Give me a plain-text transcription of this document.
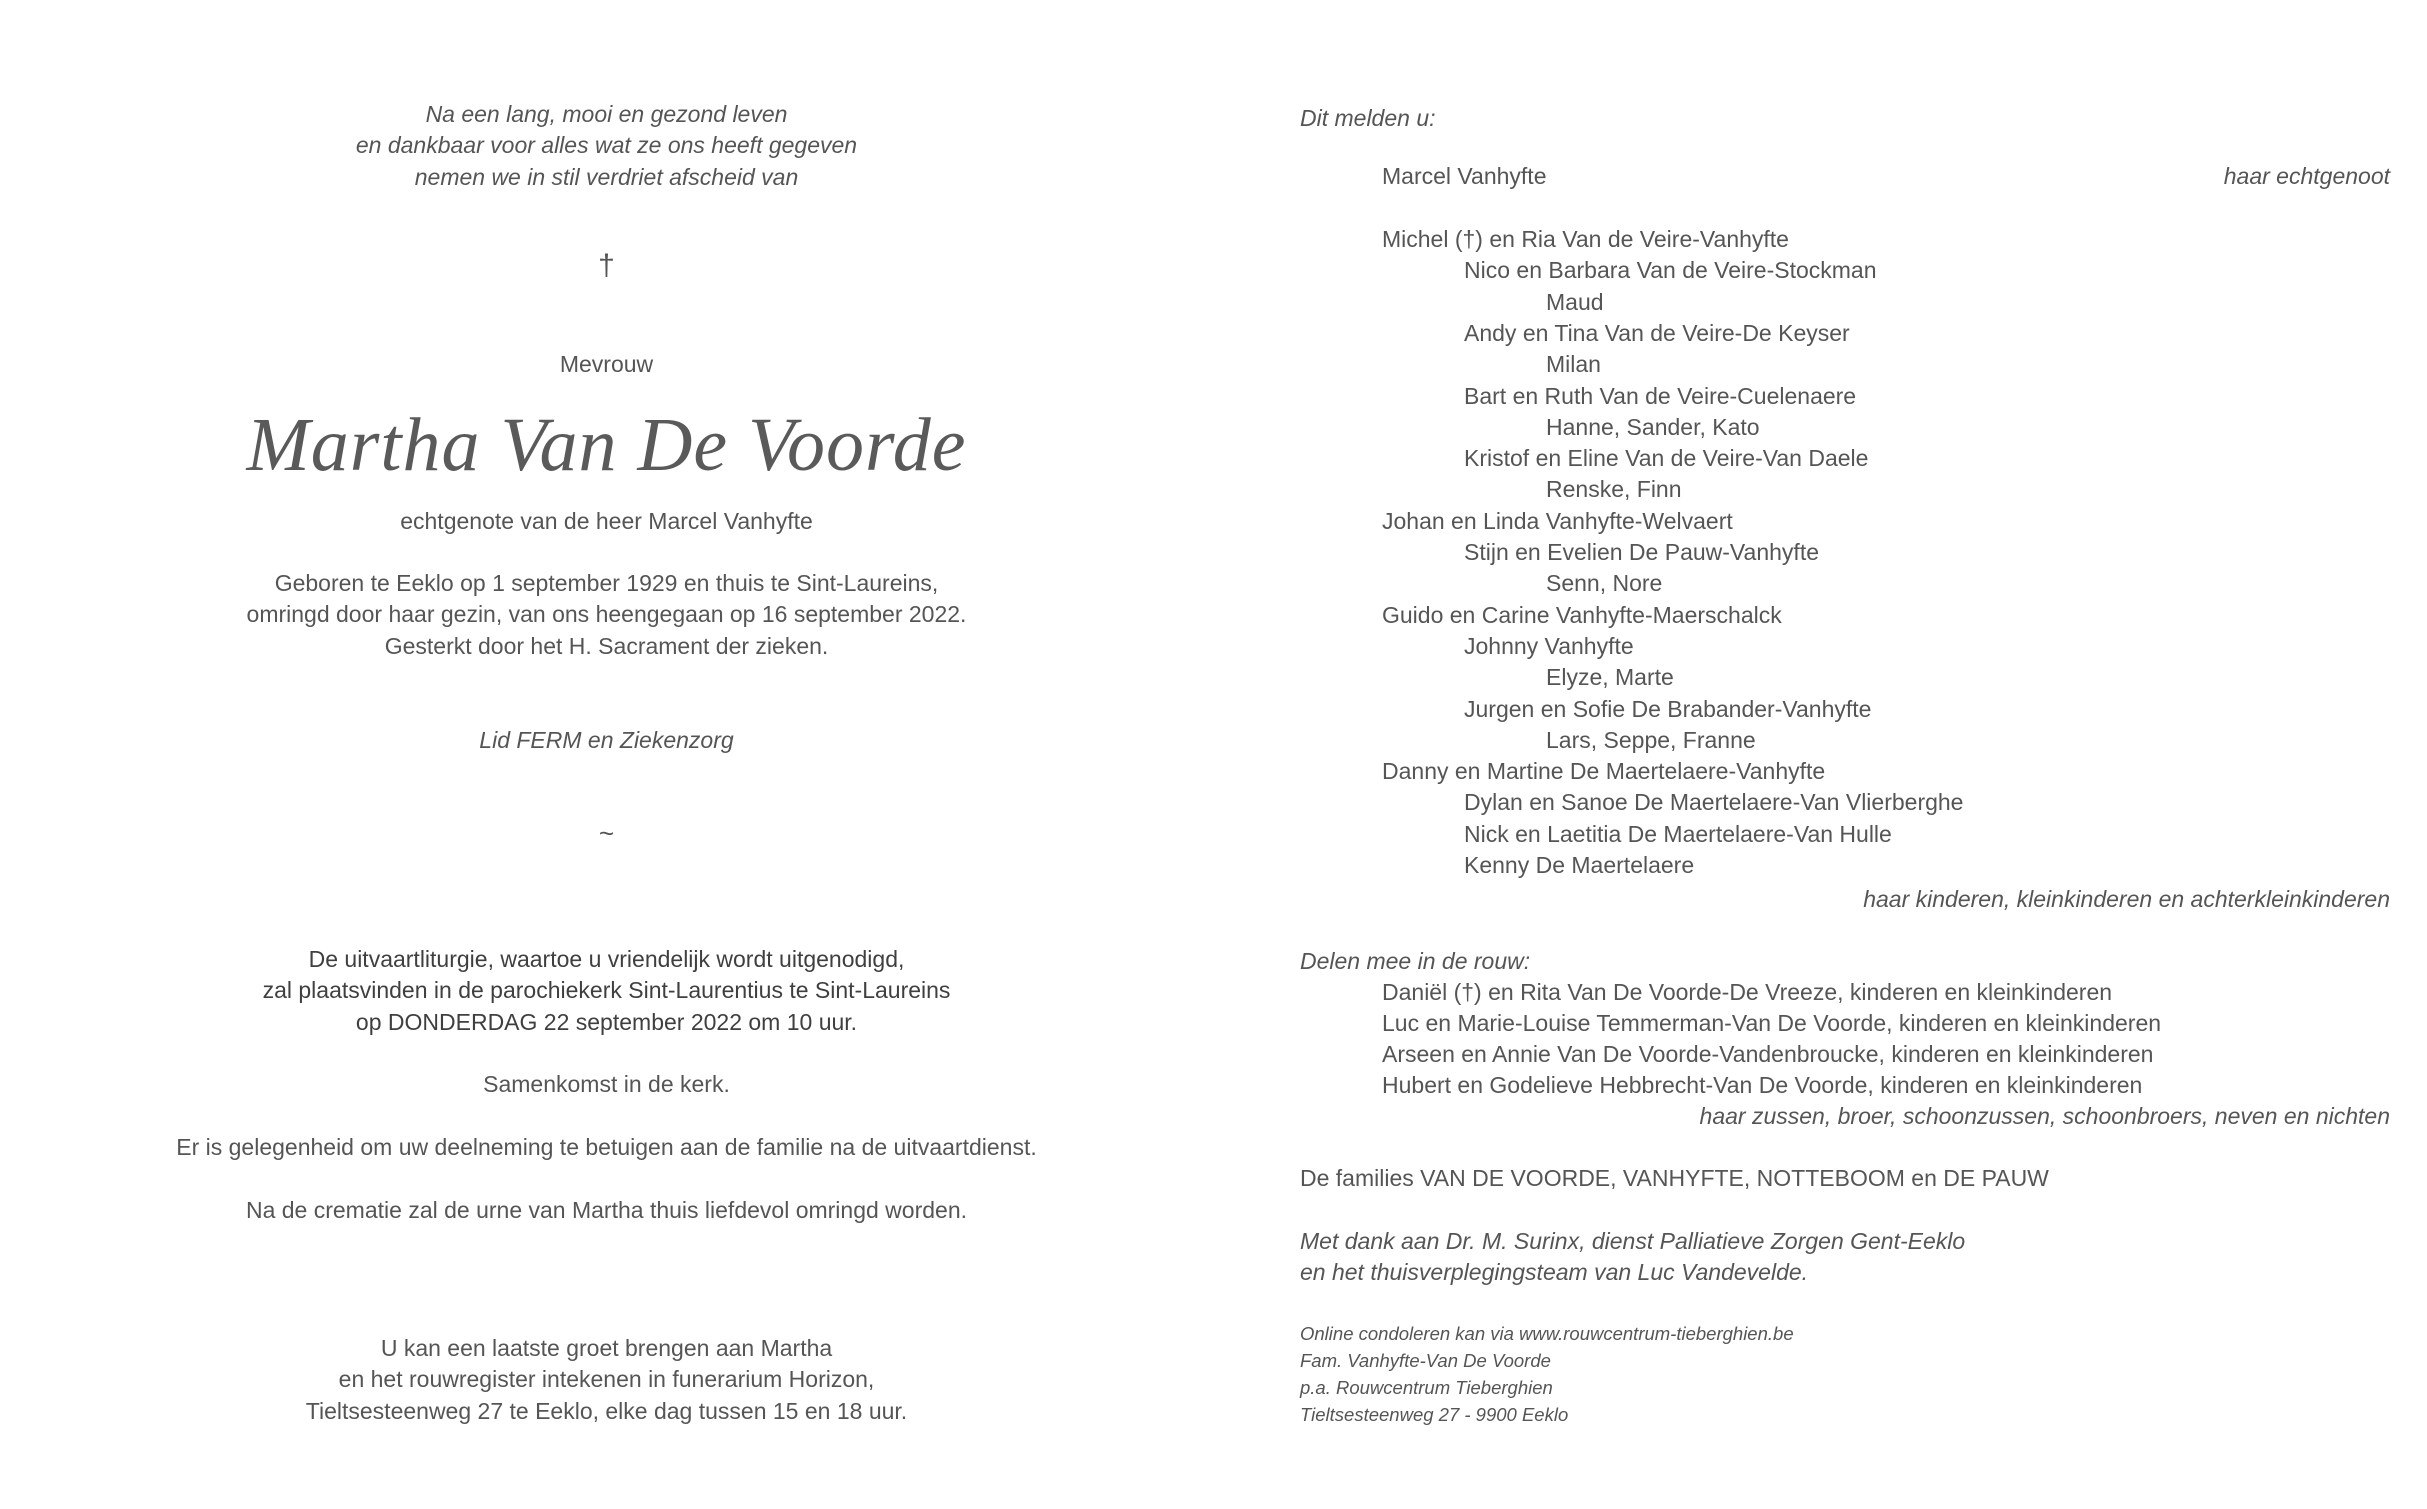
Na een lang, mooi en gezond leven
en dankbaar voor alles wat ze ons heeft gegeven
nemen we in stil verdriet afscheid van
†
Mevrouw
Martha Van De Voorde
echtgenote van de heer Marcel Vanhyfte
Geboren te Eeklo op 1 september 1929 en thuis te Sint-Laureins,
omringd door haar gezin, van ons heengegaan op 16 september 2022.
Gesterkt door het H. Sacrament der zieken.
Lid FERM en Ziekenzorg
~
De uitvaartliturgie, waartoe u vriendelijk wordt uitgenodigd,
zal plaatsvinden in de parochiekerk Sint-Laurentius te Sint-Laureins
op DONDERDAG 22 september 2022 om 10 uur.
Samenkomst in de kerk.
Er is gelegenheid om uw deelneming te betuigen aan de familie na de uitvaartdienst.
Na de crematie zal de urne van Martha thuis liefdevol omringd worden.
U kan een laatste groet brengen aan Martha
en het rouwregister intekenen in funerarium Horizon,
Tieltsesteenweg 27 te Eeklo, elke dag tussen 15 en 18 uur.
Dit melden u:
Marcel Vanhyfte	haar echtgenoot
Michel (†) en Ria Van de Veire-Vanhyfte
Nico en Barbara Van de Veire-Stockman
Maud
Andy en Tina Van de Veire-De Keyser
Milan
Bart en Ruth Van de Veire-Cuelenaere
Hanne, Sander, Kato
Kristof en Eline Van de Veire-Van Daele
Renske, Finn
Johan en Linda Vanhyfte-Welvaert
Stijn en Evelien De Pauw-Vanhyfte
Senn, Nore
Guido en Carine Vanhyfte-Maerschalck
Johnny Vanhyfte
Elyze, Marte
Jurgen en Sofie De Brabander-Vanhyfte
Lars, Seppe, Franne
Danny en Martine De Maertelaere-Vanhyfte
Dylan en Sanoe De Maertelaere-Van Vlierberghe
Nick en Laetitia De Maertelaere-Van Hulle
Kenny De Maertelaere
haar kinderen, kleinkinderen en achterkleinkinderen
Delen mee in de rouw:
Daniël (†) en Rita Van De Voorde-De Vreeze, kinderen en kleinkinderen
Luc en Marie-Louise Temmerman-Van De Voorde, kinderen en kleinkinderen
Arseen en Annie Van De Voorde-Vandenbroucke, kinderen en kleinkinderen
Hubert en Godelieve Hebbrecht-Van De Voorde, kinderen en kleinkinderen
haar zussen, broer, schoonzussen, schoonbroers, neven en nichten
De families VAN DE VOORDE, VANHYFTE, NOTTEBOOM en DE PAUW
Met dank aan Dr. M. Surinx, dienst Palliatieve Zorgen Gent-Eeklo
en het thuisverplegingsteam van Luc Vandevelde.
Online condoleren kan via www.rouwcentrum-tieberghien.be
Fam. Vanhyfte-Van De Voorde
p.a. Rouwcentrum Tieberghien
Tieltsesteenweg 27 - 9900 Eeklo
